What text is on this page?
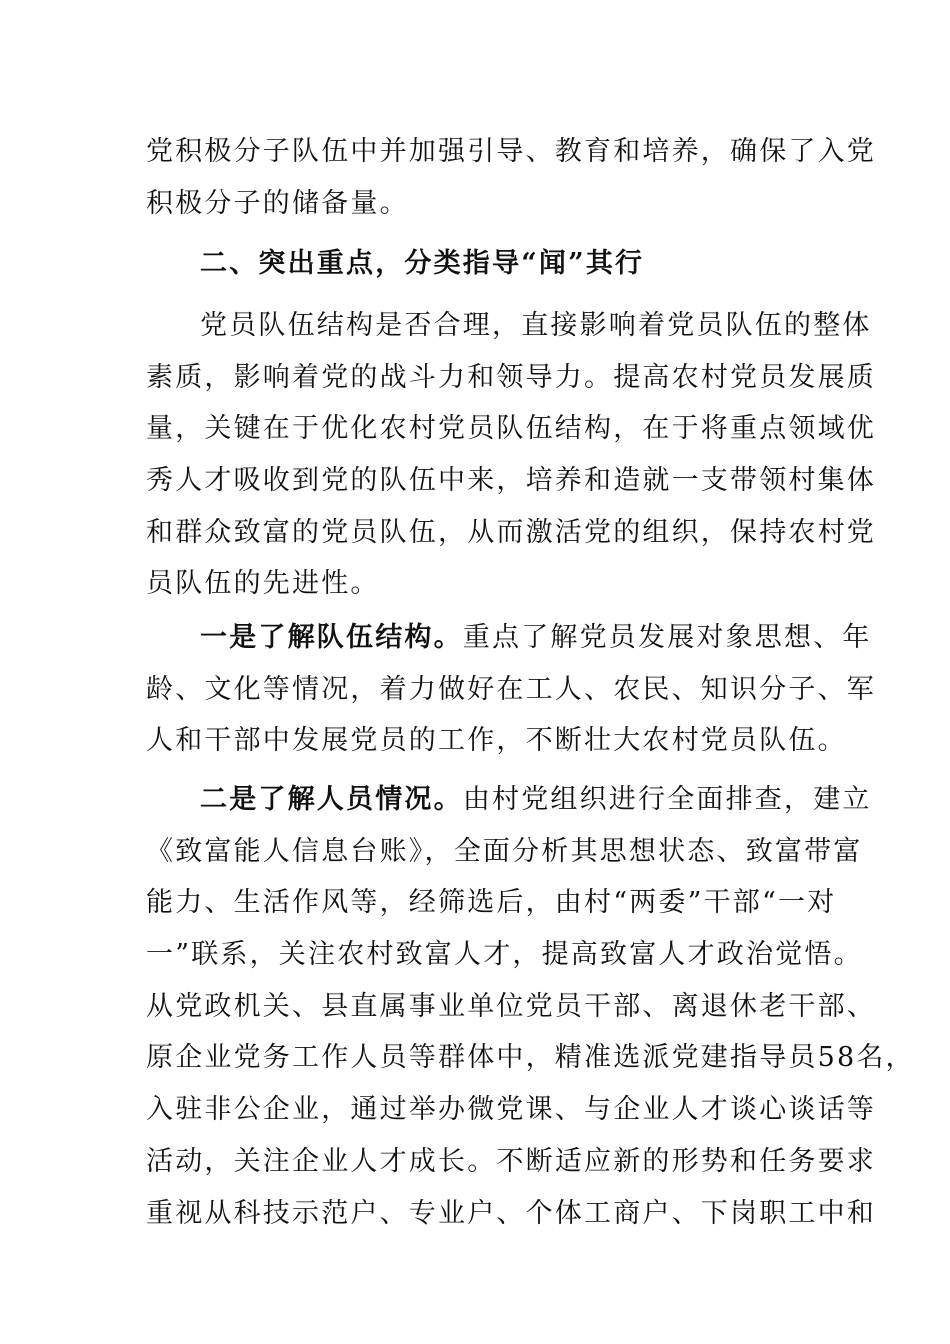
党积极分子队伍中并加强引导、教育和培养，确保了入党
积极分子的储备量。
二、突出重点，分类指导“闻”其行
党员队伍结构是否合理，直接影响着党员队伍的整体
素质，影响着党的战斗力和领导力。提高农村党员发展质
量，关键在于优化农村党员队伍结构，在于将重点领域优
秀人才吸收到党的队伍中来，培养和造就一支带领村集体
和群众致富的党员队伍，从而激活党的组织，保持农村党
员队伍的先进性。
一是了解队伍结构。重点了解党员发展对象思想、年
龄、文化等情况，着力做好在工人、农民、知识分子、军
人和干部中发展党员的工作，不断壮大农村党员队伍。
二是了解人员情况。由村党组织进行全面排查，建立
《致富能人信息台账》，全面分析其思想状态、致富带富
能力、生活作风等，经筛选后，由村“两委”干部“一对
一”联系，关注农村致富人才，提高致富人才政治觉悟。
从党政机关、县直属事业单位党员干部、离退休老干部、
原企业党务工作人员等群体中，精准选派党建指导员58名，
入驻非公企业，通过举办微党课、与企业人才谈心谈话等
活动，关注企业人才成长。不断适应新的形势和任务要求
重视从科技示范户、专业户、个体工商户、下岗职工中和
